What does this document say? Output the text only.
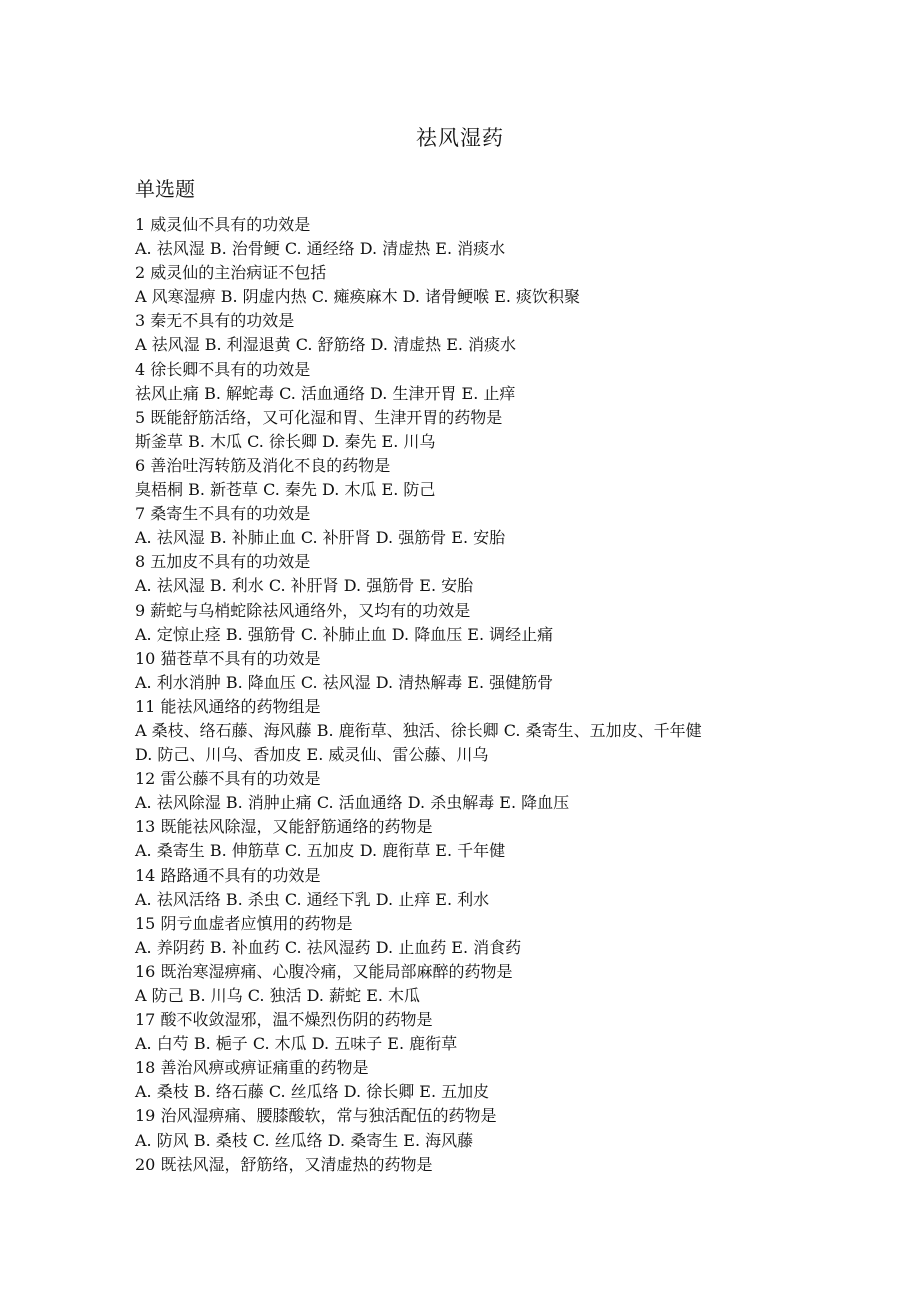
祛风湿药
单选题
1 威灵仙不具有的功效是
A. 祛风湿 B. 治骨鲠 C. 通经络 D. 清虚热 E. 消痰水
2 威灵仙的主治病证不包括
A 风寒湿痹 B. 阴虚内热 C. 瘫痪麻木 D. 诸骨鲠喉 E. 痰饮积聚
3 秦无不具有的功效是
A 祛风湿 B. 利湿退黄 C. 舒筋络 D. 清虚热 E. 消痰水
4 徐长卿不具有的功效是
祛风止痛 B. 解蛇毒 C. 活血通络 D. 生津开胃 E. 止痒
5 既能舒筋活络，又可化湿和胃、生津开胃的药物是
斯釜草 B. 木瓜 C. 徐长卿 D. 秦先 E. 川乌
6 善治吐泻转筋及消化不良的药物是
臭梧桐 B. 新苍草 C. 秦先 D. 木瓜 E. 防己
7 桑寄生不具有的功效是
A. 祛风湿 B. 补肺止血 C. 补肝肾 D. 强筋骨 E. 安胎
8 五加皮不具有的功效是
A. 祛风湿 B. 利水 C. 补肝肾 D. 强筋骨 E. 安胎
9 薪蛇与乌梢蛇除祛风通络外，又均有的功效是
A. 定惊止痉 B. 强筋骨 C. 补肺止血 D. 降血压 E. 调经止痛
10 猫苍草不具有的功效是
A. 利水消肿 B. 降血压 C. 祛风湿 D. 清热解毒 E. 强健筋骨
11 能祛风通络的药物组是
A 桑枝、络石藤、海风藤 B. 鹿衔草、独活、徐长卿 C. 桑寄生、五加皮、千年健
D. 防己、川乌、香加皮 E. 威灵仙、雷公藤、川乌
12 雷公藤不具有的功效是
A. 祛风除湿 B. 消肿止痛 C. 活血通络 D. 杀虫解毒 E. 降血压
13 既能祛风除湿，又能舒筋通络的药物是
A. 桑寄生 B. 伸筋草 C. 五加皮 D. 鹿衔草 E. 千年健
14 路路通不具有的功效是
A. 祛风活络 B. 杀虫 C. 通经下乳 D. 止痒 E. 利水
15 阴亏血虚者应慎用的药物是
A. 养阴药 B. 补血药 C. 祛风湿药 D. 止血药 E. 消食药
16 既治寒湿痹痛、心腹冷痛，又能局部麻醉的药物是
A 防己 B. 川乌 C. 独活 D. 薪蛇 E. 木瓜
17 酸不收敛湿邪，温不燥烈伤阴的药物是
A. 白芍 B. 梔子 C. 木瓜 D. 五味子 E. 鹿衔草
18 善治风痹或痹证痛重的药物是
A. 桑枝 B. 络石藤 C. 丝瓜络 D. 徐长卿 E. 五加皮
19 治风湿痹痛、腰膝酸软，常与独活配伍的药物是
A. 防风 B. 桑枝 C. 丝瓜络 D. 桑寄生 E. 海风藤
20 既祛风湿，舒筋络，又清虚热的药物是
